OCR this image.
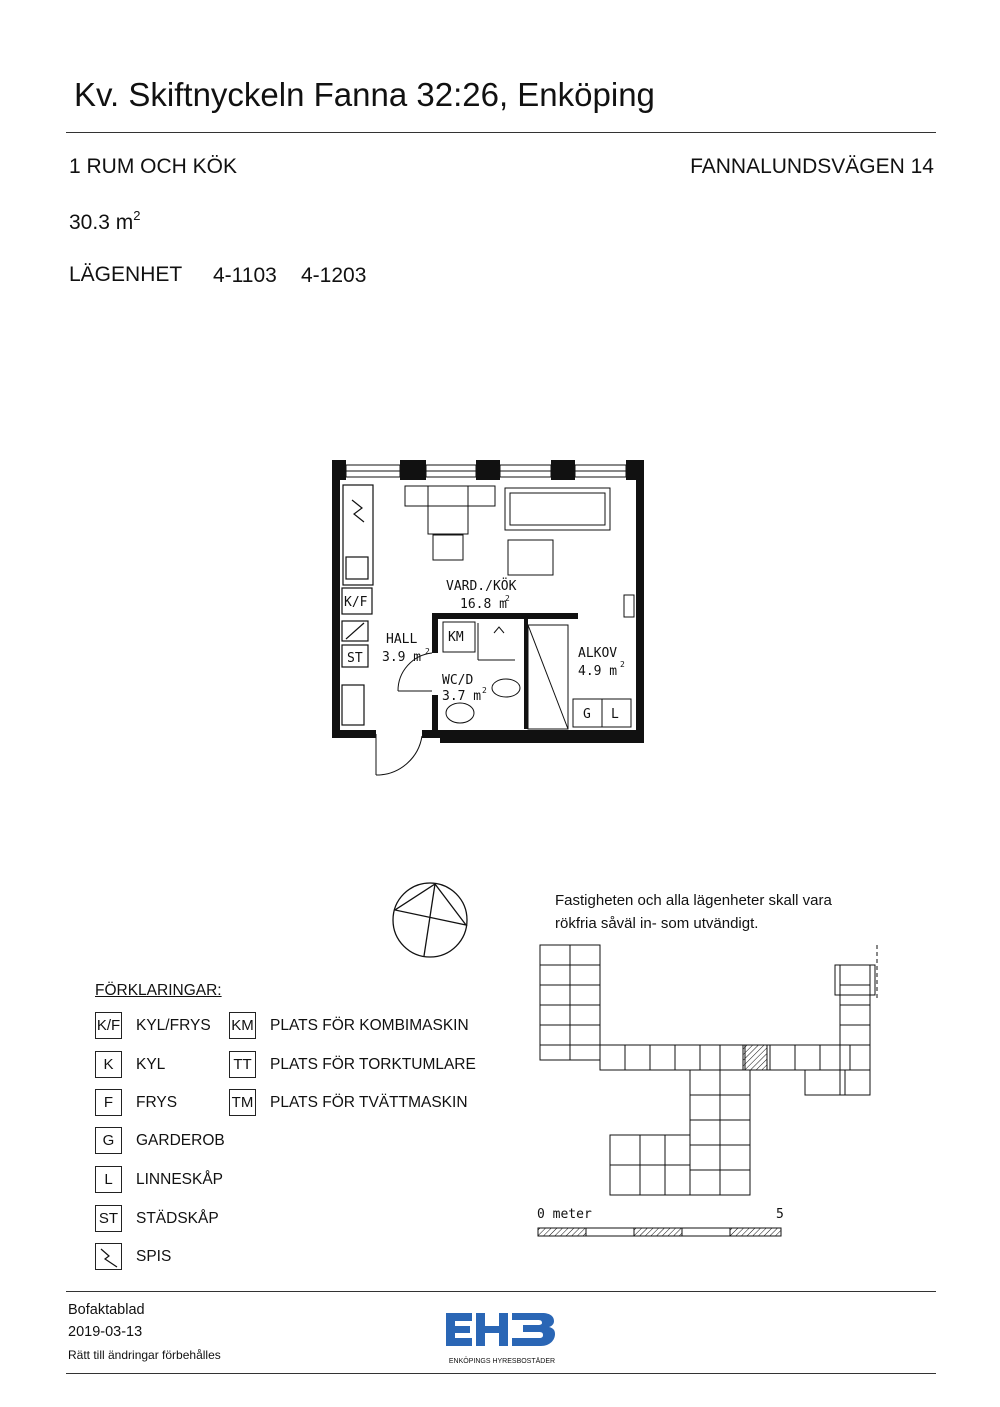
Kv. Skiftnyckeln Fanna 32:26, Enköping
1 RUM OCH KÖK	FANNALUNDSVÄGEN 14
30.3 $m^2$
LÄGENHET 4-1103 4-1203
VARD./KÖK
16.8 m
2
HALL
3.9 m 2
WC/D
3.7 m 2
ALKOV
4.9 m 2
K/F
ST
KM
G L
Fastigheten och alla lägenheter skall vara
rökfria såväl in- som utvändigt.
0 meter	5
FÖRKLARINGAR:
K/F KYL/FRYS
K	KYL
F	FRYS
G	GARDEROB
L	LINNESKÅP
ST STÄDSKÅP
SPIS
KM PLATS FÖR KOMBIMASKIN
TT PLATS FÖR TORKTUMLARE
TM PLATS FÖR TVÄTTMASKIN
Bofaktablad
2019-03-13
Rätt till ändringar förbehålles	ENKÖPINGS HYRESBOSTÄDER
